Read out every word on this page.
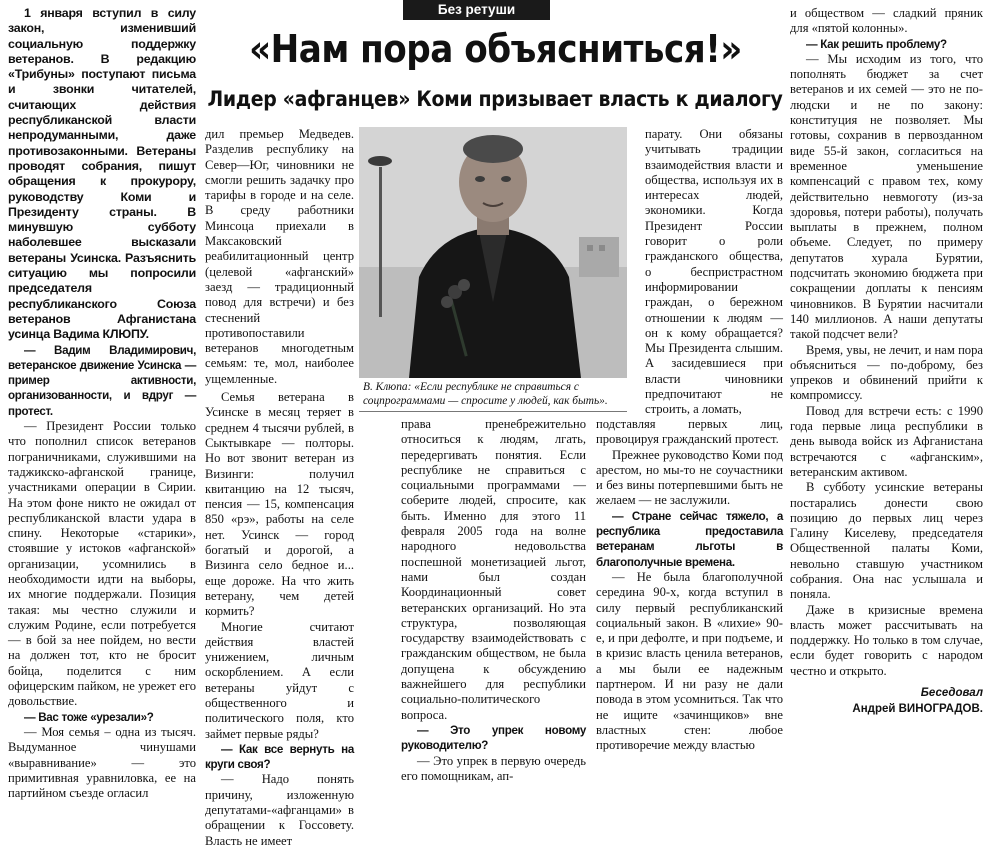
Без ретуши
«Нам пора объясниться!»
Лидер «афганцев» Коми призывает власть к диалогу

1 января вступил в силу закон, изменивший социальную поддержку ветеранов. В редакцию «Трибуны» поступают письма и звонки читателей, считающих действия республиканской власти непродуманными, даже противозаконными. Ветераны проводят собрания, пишут обращения к прокурору, руководству Коми и Президенту страны. В минувшую субботу наболевшее высказали ветераны Усинска. Разъяснить ситуацию мы попросили председателя республиканского Союза ветеранов Афганистана усинца Вадима КЛЮПУ.

— Вадим Владимирович, ветеранское движение Усинска — пример активности, организованности, и вдруг — протест.

— Президент России только что пополнил список ветеранов пограничниками, служившими на таджикско-афганской границе, участниками операции в Сирии. На этом фоне никто не ожидал от республиканской власти удара в спину. Некоторые «старики», стоявшие у истоков «афганской» организации, усомнились в необходимости идти на выборы, их многие поддержали. Позиция такая: мы честно служили и служим Родине, если потребуется — в бой за нее пойдем, но вести на должен тот, кто не бросит бойца, поделится с ним офицерским пайком, не урежет его довольствие.

— Вас тоже «урезали»?

— Моя семья – одна из тысяч. Выдуманное чинушами «выравнивание» — это примитивная уравниловка, ее на партийном съезде огласил

дил премьер Медведев. Разделив республику на Север—Юг, чиновники не смогли решить задачку про тарифы в городе и на селе. В среду работники Минсоца приехали в Максаковский реабилитационный центр (целевой «афганский» заезд — традиционный повод для встречи) и без стеснений противопоставили ветеранов многодетным семьям: те, мол, наиболее ущемленные.

Семья ветерана в Усинске в месяц теряет в среднем 4 тысячи рублей, в Сыктывкаре — полторы. Но вот звонит ветеран из Визинги: получил квитанцию на 12 тысяч, пенсия — 15, компенсация 850 «рэ», работы на селе нет. Усинск — город богатый и дорогой, а Визинга село бедное и... еще дороже. На что жить ветерану, чем детей кормить?

Многие считают действия властей унижением, личным оскорблением. А если ветераны уйдут с общественного и политического поля, кто займет первые ряды?

— Как все вернуть на круги своя?

— Надо понять причину, изложенную депутатами-«афганцами» в обращении к Госсовету. Власть не имеет

В. Клюпа: «Если республике не справиться с соцпрограммами — спросите у людей, как быть».

права пренебрежительно относиться к людям, лгать, передергивать понятия. Если республике не справиться с социальными программами — соберите людей, спросите, как быть. Именно для этого 11 февраля 2005 года на волне народного недовольства поспешной монетизацией льгот, нами был создан Координационный совет ветеранских организаций. Но эта структура, позволяющая государству взаимодействовать с гражданским обществом, не была допущена к обсуждению важнейшего для республики социально-политического вопроса.

— Это упрек новому руководителю?

— Это упрек в первую очередь его помощникам, ап-

парату. Они обязаны учитывать традиции взаимодействия власти и общества, используя их в интересах людей, экономики. Когда Президент России говорит о роли гражданского общества, о беспристрастном информировании граждан, о бережном отношении к людям — он к кому обращается? Мы Президента слышим. А засидевшиеся при власти чиновники предпочитают не строить, а ломать,

подставляя первых лиц, провоцируя гражданский протест.

Прежнее руководство Коми под арестом, но мы-то не соучастники и без вины потерпевшими быть не желаем — не заслужили.

— Стране сейчас тяжело, а республика предоставила ветеранам льготы в благополучные времена.

— Не была благополучной середина 90-х, когда вступил в силу первый республиканский социальный закон. В «лихие» 90-е, и при дефолте, и при подъеме, и в кризис власть ценила ветеранов, а мы были ее надежным партнером. И ни разу не дали повода в этом усомниться. Так что не ищите «зачинщиков» вне властных стен: любое противоречие между властью

и обществом — сладкий пряник для «пятой колонны».

— Как решить проблему?

— Мы исходим из того, что пополнять бюджет за счет ветеранов и их семей — это не по-людски и не по закону: конституция не позволяет. Мы готовы, сохранив в первозданном виде 55-й закон, согласиться на временное уменьшение компенсаций с правом тех, кому действительно невмоготу (из-за здоровья, потери работы), получать выплаты в прежнем, полном объеме. Следует, по примеру депутатов хурала Бурятии, подсчитать экономию бюджета при сокращении доплаты к пенсиям чиновников. В Бурятии насчитали 140 миллионов. А наши депутаты такой подсчет вели?

Время, увы, не лечит, и нам пора объясниться — по-доброму, без упреков и обвинений прийти к компромиссу.

Повод для встречи есть: с 1990 года первые лица республики в день вывода войск из Афганистана встречаются с «афганским», ветеранским активом.

В субботу усинские ветераны постарались донести свою позицию до первых лиц через Галину Киселеву, председателя Общественной палаты Коми, невольно ставшую участником собрания. Она нас услышала и поняла.

Даже в кризисные времена власть может рассчитывать на поддержку. Но только в том случае, если будет говорить с народом честно и открыто.

Беседовал
Андрей ВИНОГРАДОВ.
